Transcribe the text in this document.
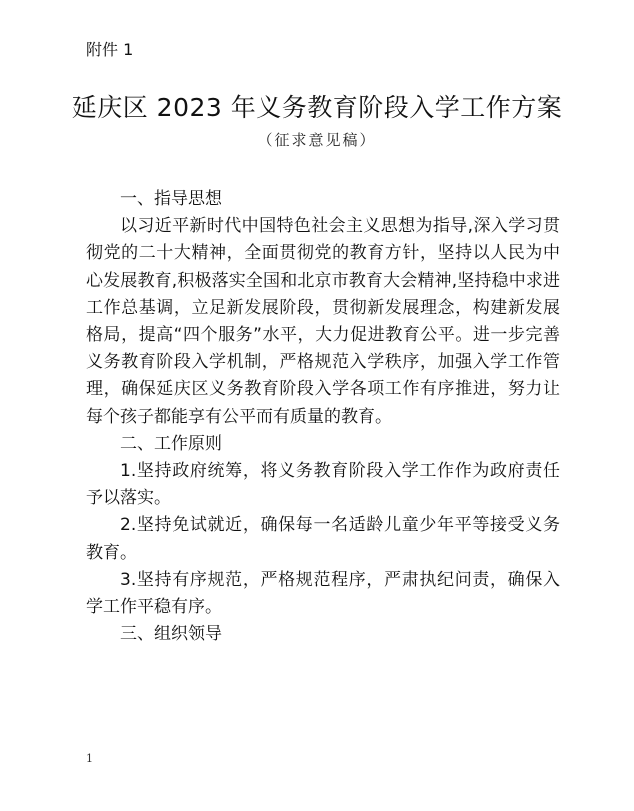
附件 1
延庆区 2023 年义务教育阶段入学工作方案
（征求意见稿）

一、指导思想

以习近平新时代中国特色社会主义思想为指导,深入学习贯彻党的二十大精神，全面贯彻党的教育方针，坚持以人民为中心发展教育,积极落实全国和北京市教育大会精神,坚持稳中求进工作总基调，立足新发展阶段，贯彻新发展理念，构建新发展格局，提高“四个服务”水平，大力促进教育公平。进一步完善义务教育阶段入学机制，严格规范入学秩序，加强入学工作管理，确保延庆区义务教育阶段入学各项工作有序推进，努力让每个孩子都能享有公平而有质量的教育。

二、工作原则

1.坚持政府统筹，将义务教育阶段入学工作作为政府责任予以落实。

2.坚持免试就近，确保每一名适龄儿童少年平等接受义务教育。

3.坚持有序规范，严格规范程序，严肃执纪问责，确保入学工作平稳有序。

三、组织领导

1
